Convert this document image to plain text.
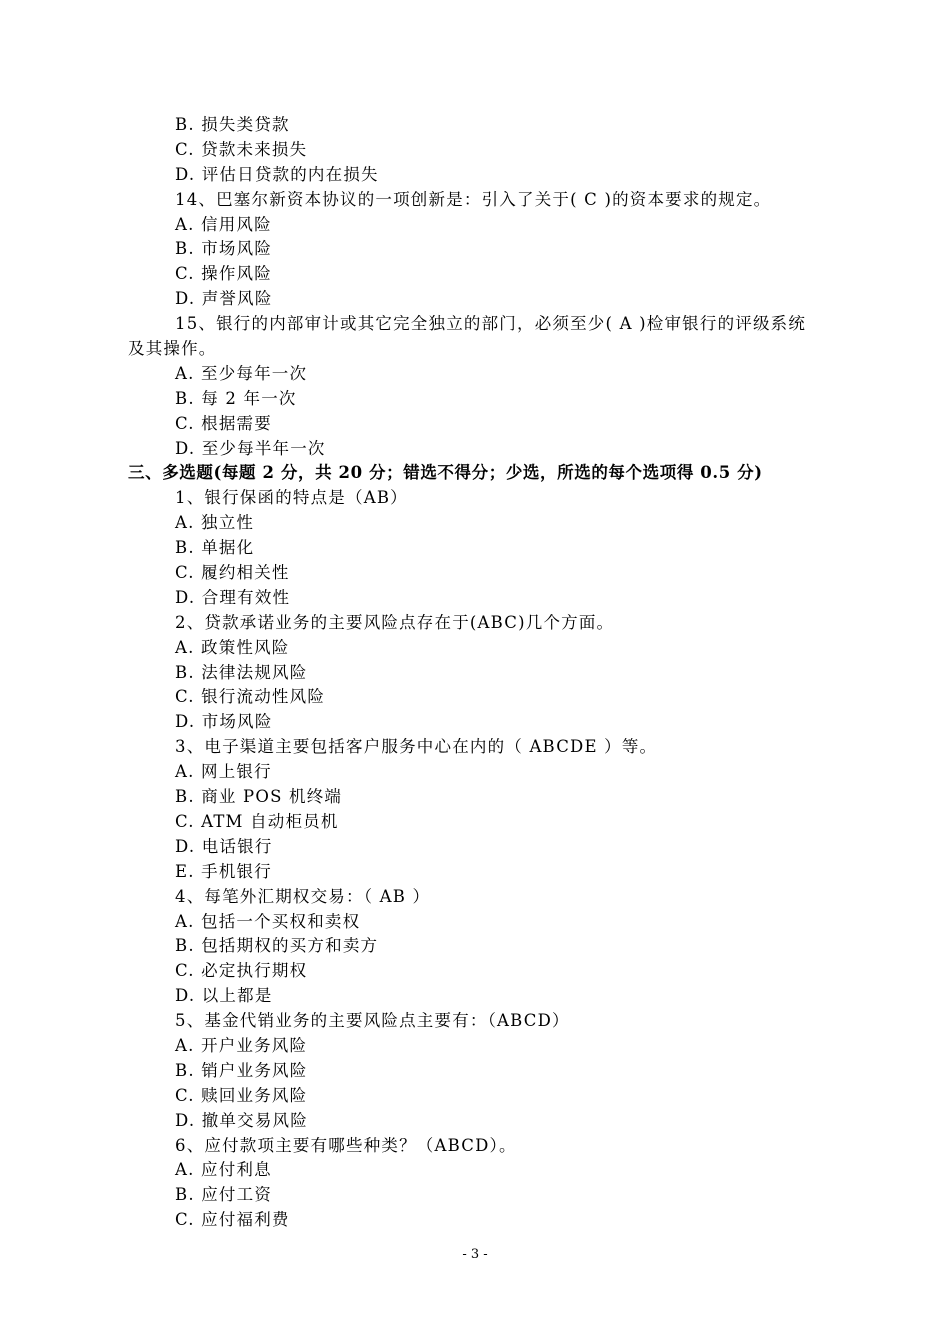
B. 损失类贷款
C. 贷款未来损失
D. 评估日贷款的内在损失
14、巴塞尔新资本协议的一项创新是：引入了关于( C )的资本要求的规定。
A. 信用风险
B. 市场风险
C. 操作风险
D. 声誉风险
15、银行的内部审计或其它完全独立的部门，必须至少( A )检审银行的评级系统
及其操作。
A. 至少每年一次
B. 每 2 年一次
C. 根据需要
D. 至少每半年一次
三、多选题(每题 2 分，共 20 分；错选不得分；少选，所选的每个选项得 0.5 分)
1、银行保函的特点是（AB）
A. 独立性
B. 单据化
C. 履约相关性
D. 合理有效性
2、贷款承诺业务的主要风险点存在于(ABC)几个方面。
A. 政策性风险
B. 法律法规风险
C. 银行流动性风险
D. 市场风险
3、电子渠道主要包括客户服务中心在内的（ ABCDE ）等。
A. 网上银行
B. 商业 POS 机终端
C. ATM 自动柜员机
D. 电话银行
E. 手机银行
4、每笔外汇期权交易：（ AB ）
A. 包括一个买权和卖权
B. 包括期权的买方和卖方
C. 必定执行期权
D. 以上都是
5、基金代销业务的主要风险点主要有：（ABCD）
A. 开户业务风险
B. 销户业务风险
C. 赎回业务风险
D. 撤单交易风险
6、应付款项主要有哪些种类？（ABCD）。
A. 应付利息
B. 应付工资
C. 应付福利费
- 3 -
